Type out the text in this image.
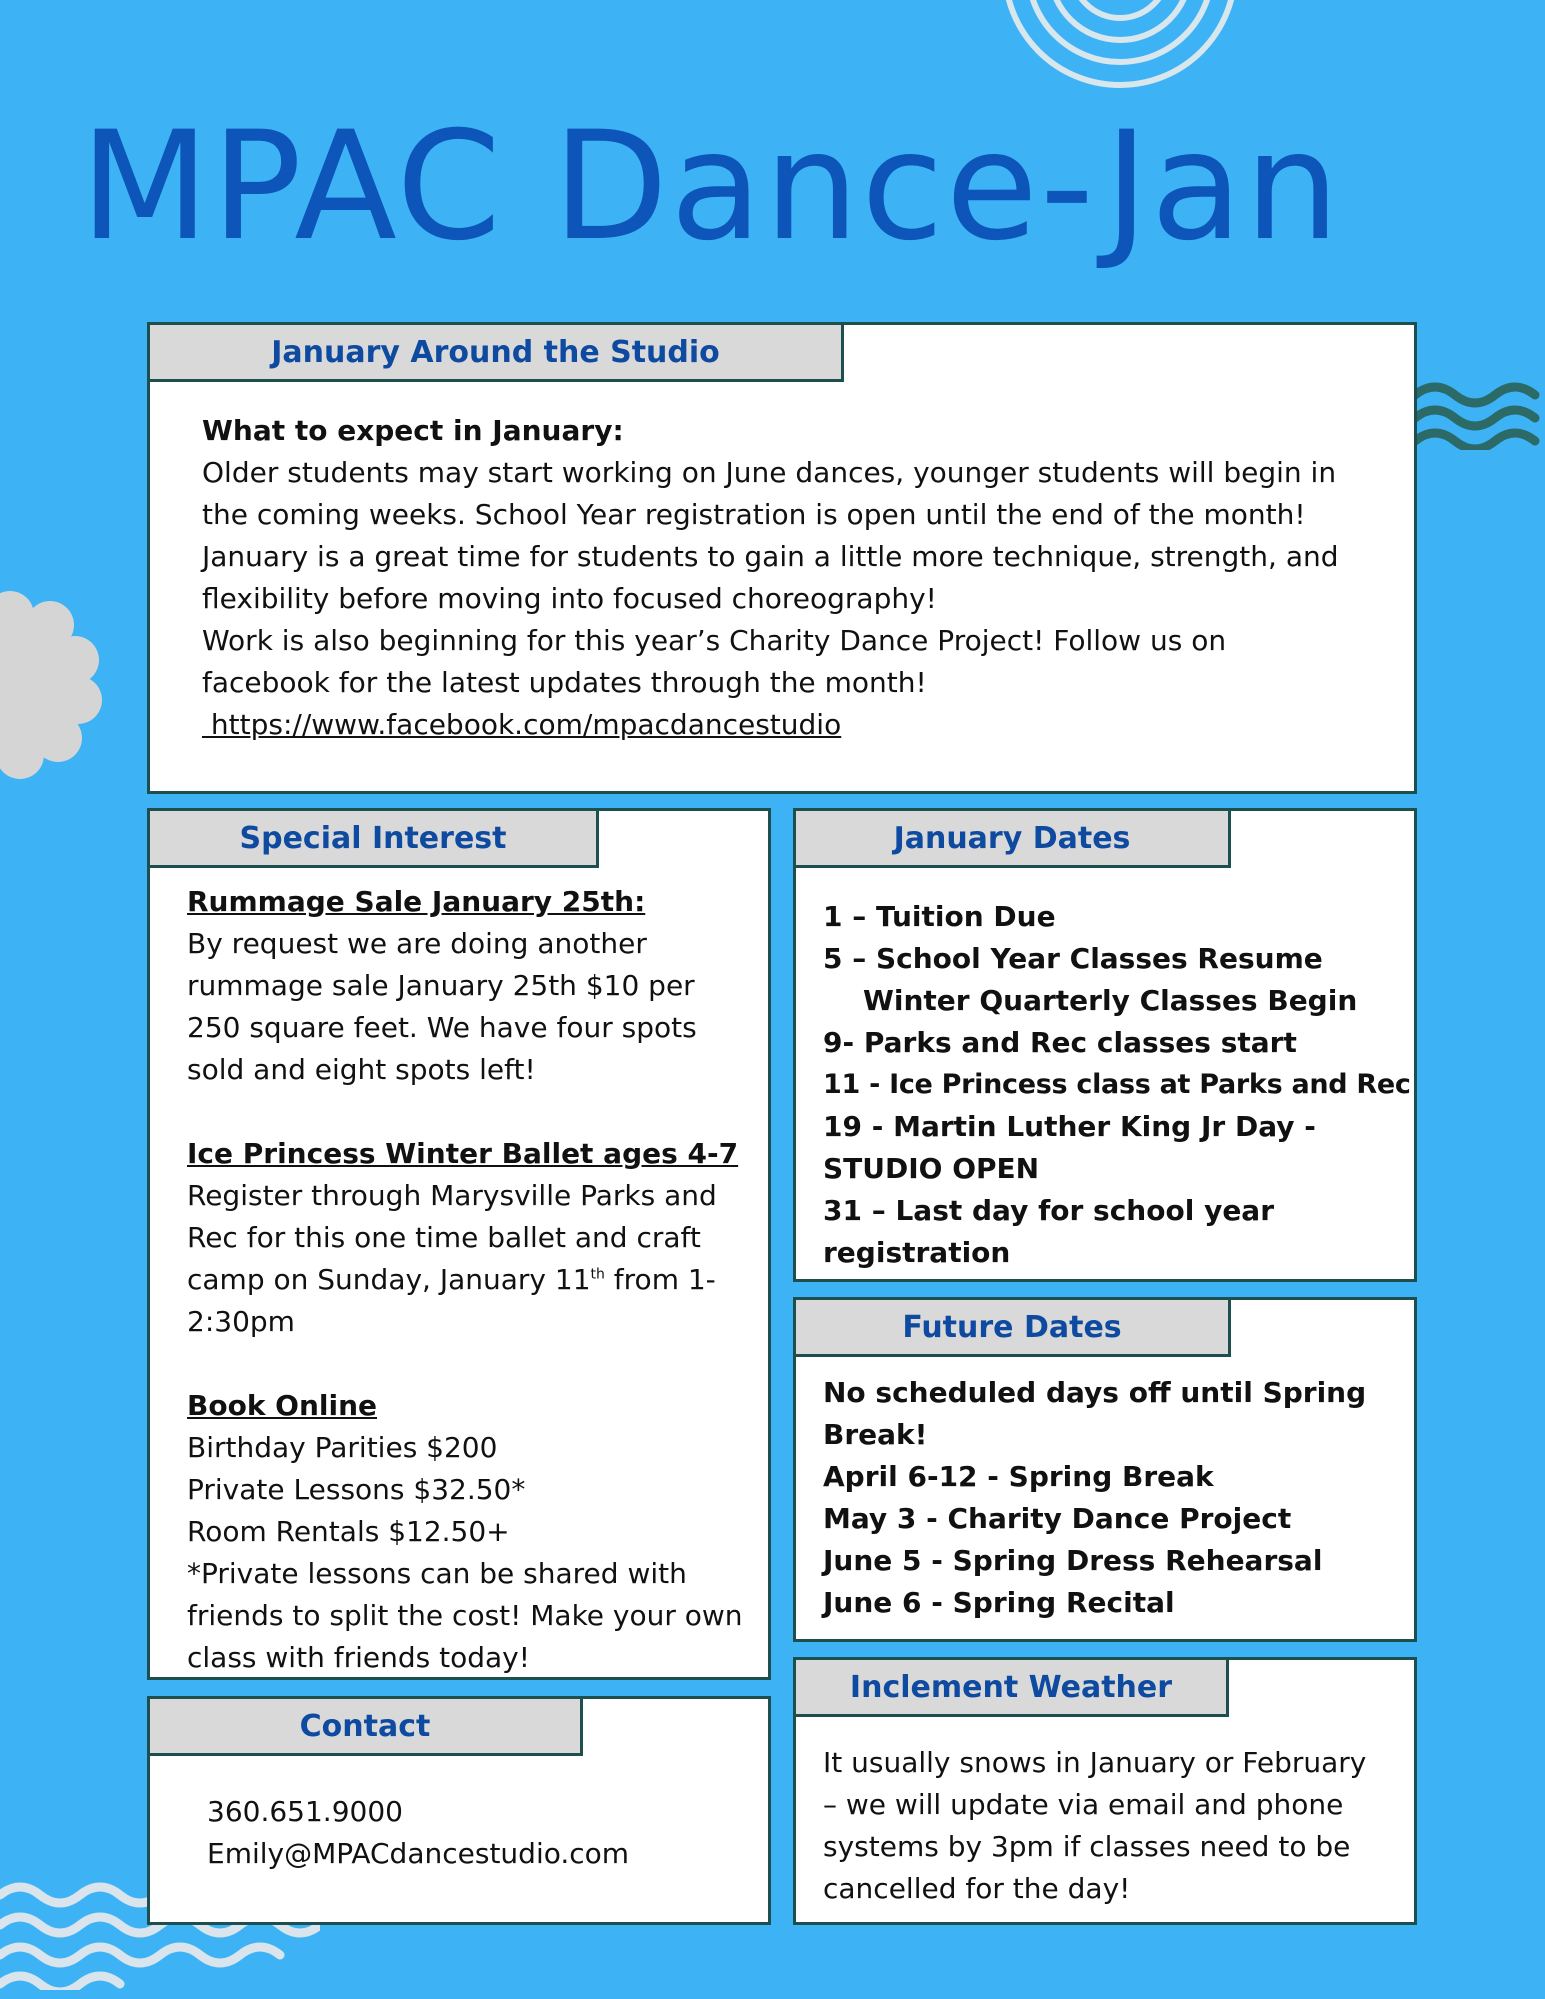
MPAC Dance-Jan
January Around the Studio

What to expect in January:

Older students may start working on June dances, younger students will begin in the coming weeks. School Year registration is open until the end of the month! January is a great time for students to gain a little more technique, strength, and flexibility before moving into focused choreography!

Work is also beginning for this year’s Charity Dance Project! Follow us on facebook for the latest updates through the month! https://www.facebook.com/mpacdancestudio

Special Interest

Rummage Sale January 25th:

By request we are doing another rummage sale January 25th $10 per 250 square feet. We have four spots sold and eight spots left!

Ice Princess Winter Ballet ages 4-7

Register through Marysville Parks and Rec for this one time ballet and craft camp on Sunday, January 11th from 1-2:30pm

Book Online

Birthday Parities $200

Private Lessons $32.50*

Room Rentals $12.50+

*Private lessons can be shared with friends to split the cost! Make your own class with friends today!

January Dates

1 – Tuition Due

5 – School Year Classes Resume

Winter Quarterly Classes Begin

9- Parks and Rec classes start

11 - Ice Princess class at Parks and Rec

19 - Martin Luther King Jr Day -STUDIO OPEN

31 – Last day for school year registration

Future Dates

No scheduled days off until Spring Break!

April 6-12 - Spring Break

May 3 - Charity Dance Project

June 5 - Spring Dress Rehearsal

June 6 - Spring Recital

Inclement Weather

It usually snows in January or February – we will update via email and phone systems by 3pm if classes need to be cancelled for the day!

Contact

360.651.9000

Emily@MPACdancestudio.com
